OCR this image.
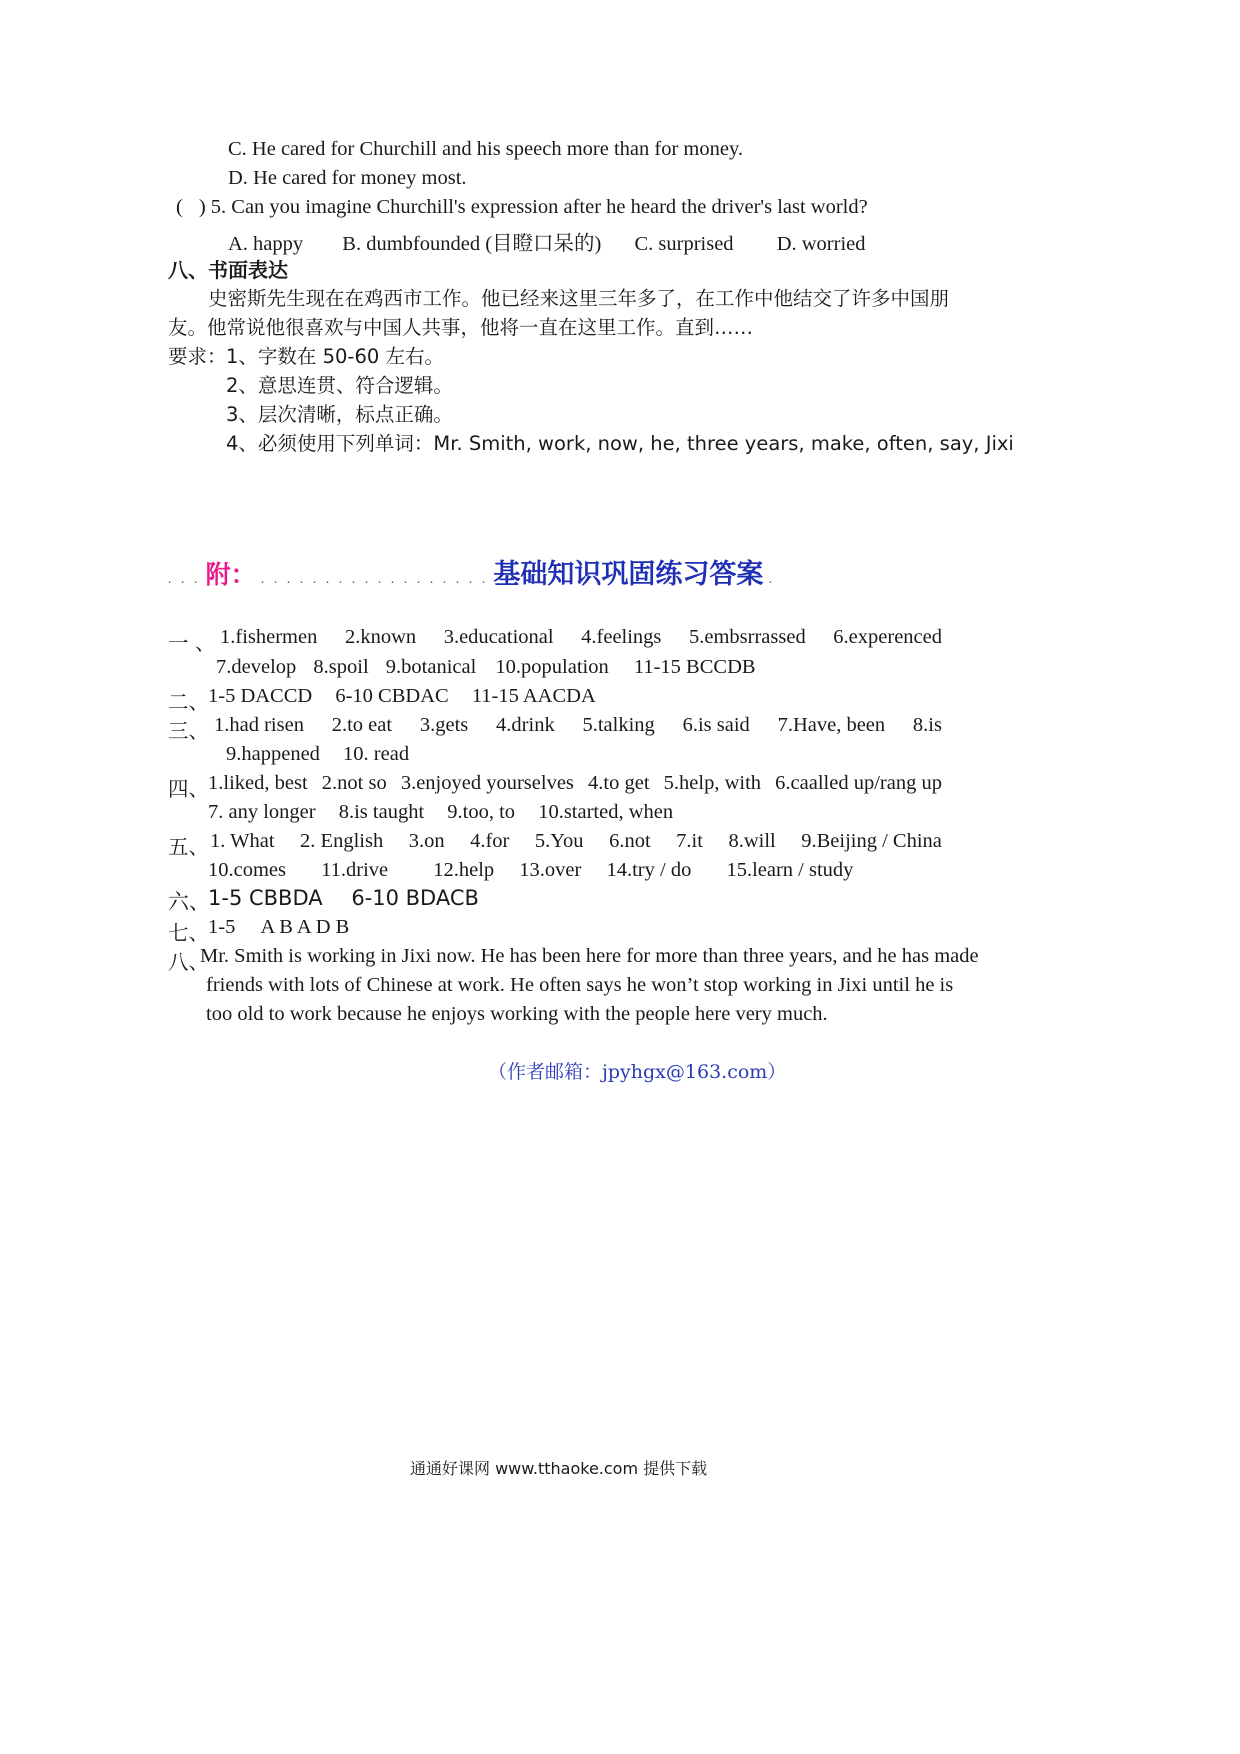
C. He cared for Churchill and his speech more than for money.
D. He cared for money most.
( ) 5. Can you imagine Churchill's expression after he heard the driver's last world?
A. happy B. dumbfounded (目瞪口呆的) C. surprised D. worried
八、书面表达
史密斯先生现在在鸡西市工作。他已经来这里三年多了，在工作中他结交了许多中国朋
友。他常说他很喜欢与中国人共事，他将一直在这里工作。直到……
要求： 1、字数在 50-60 左右。
2、意思连贯、符合逻辑。
3、层次清晰，标点正确。
4、必须使用下列单词：Mr. Smith, work, now, he, three years, make, often, say, Jixi
. . . 附： . . . . . . . . . . . . . . . . . . 基础知识巩固练习答案 .
一 、 1.fishermen 2.known 3.educational 4.feelings 5.embsrrassed 6.experenced
7.develop 8.spoil 9.botanical 10.population 11-15 BCCDB
二、 1-5 DACCD 6-10 CBDAC 11-15 AACDA
三、 1.had risen 2.to eat 3.gets 4.drink 5.talking 6.is said 7.Have, been 8.is
9.happened 10. read
四、 1.liked, best 2.not so 3.enjoyed yourselves 4.to get 5.help, with 6.caalled up/rang up
7. any longer 8.is taught 9.too, to 10.started, when
五、 1. What 2. English 3.on 4.for 5.You 6.not 7.it 8.will 9.Beijing / China
10.comes 11.drive 12.help 13.over 14.try / do 15.learn / study
六、
1-5 CBBDA 6-10 BDACB
七、 1-5 A B A D B
八、
Mr. Smith is working in Jixi now. He has been here for more than three years, and he has made
friends with lots of Chinese at work. He often says he won’t stop working in Jixi until he is
too old to work because he enjoys working with the people here very much.
（作者邮箱：jpyhgx@163.com）
通通好课网 www.tthaoke.com 提供下载
